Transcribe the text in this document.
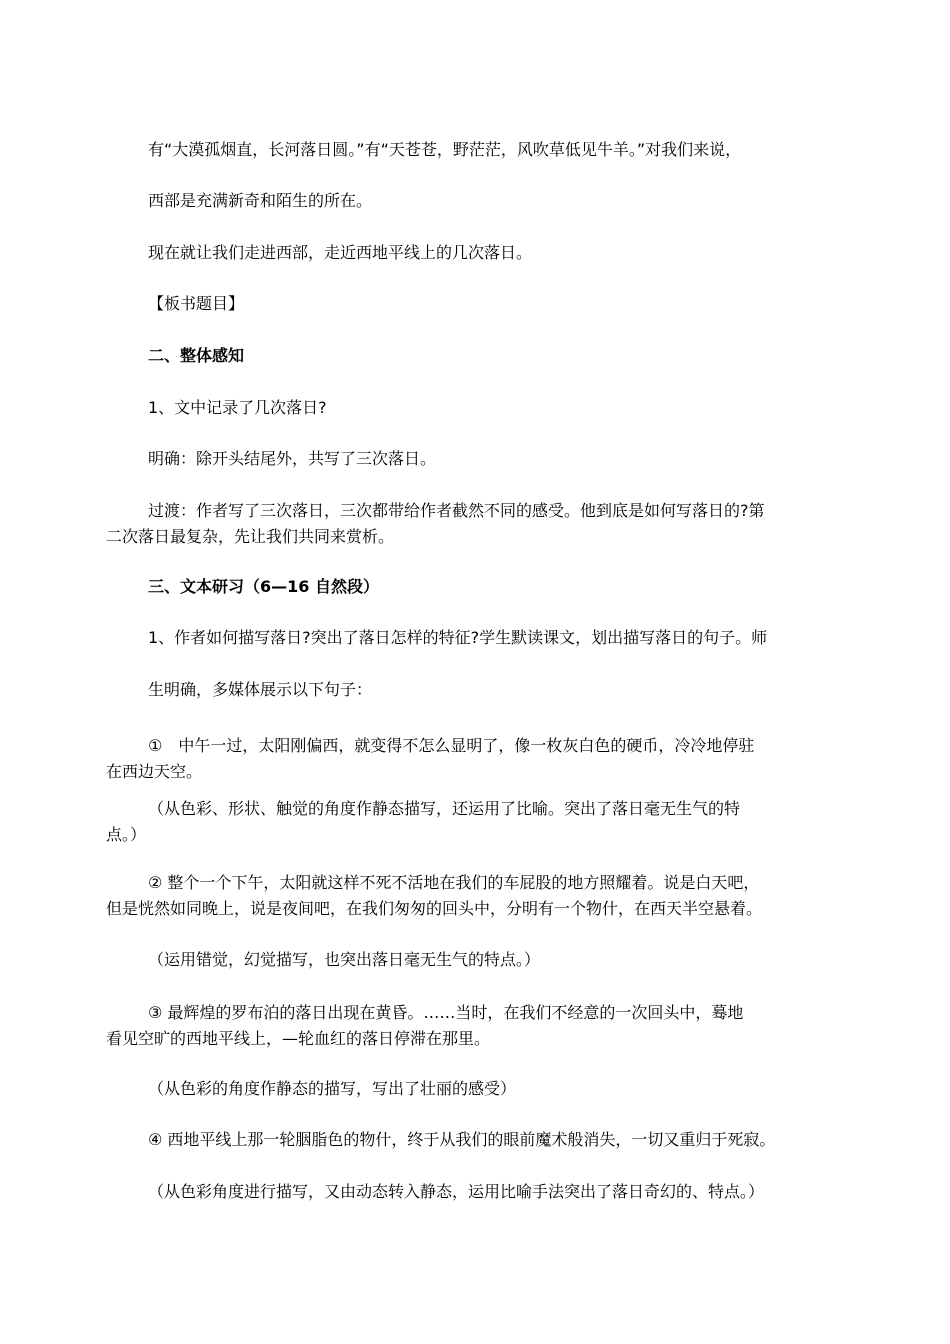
有“大漠孤烟直，长河落日圆。”有“天苍苍，野茫茫，风吹草低见牛羊。”对我们来说，
西部是充满新奇和陌生的所在。
现在就让我们走进西部，走近西地平线上的几次落日。
【板书题目】
二、整体感知
1、文中记录了几次落日?
明确：除开头结尾外，共写了三次落日。
过渡：作者写了三次落日，三次都带给作者截然不同的感受。他到底是如何写落日的?第
二次落日最复杂，先让我们共同来赏析。
三、文本研习（6—16 自然段）
1、作者如何描写落日?突出了落日怎样的特征?学生默读课文，划出描写落日的句子。师
生明确，多媒体展示以下句子：
①　中午一过，太阳刚偏西，就变得不怎么显明了，像一枚灰白色的硬币，冷冷地停驻
在西边天空。
（从色彩、形状、触觉的角度作静态描写，还运用了比喻。突出了落日毫无生气的特
点。）
② 整个一个下午，太阳就这样不死不活地在我们的车屁股的地方照耀着。说是白天吧，
但是恍然如同晚上，说是夜间吧，在我们匆匆的回头中，分明有一个物什，在西天半空悬着。
（运用错觉，幻觉描写，也突出落日毫无生气的特点。）
③ 最辉煌的罗布泊的落日出现在黄昏。……当时，在我们不经意的一次回头中，蓦地
看见空旷的西地平线上，—轮血红的落日停滞在那里。
（从色彩的角度作静态的描写，写出了壮丽的感受）
④ 西地平线上那一轮胭脂色的物什，终于从我们的眼前魔术般消失，一切又重归于死寂。
（从色彩角度进行描写，又由动态转入静态，运用比喻手法突出了落日奇幻的、特点。）
